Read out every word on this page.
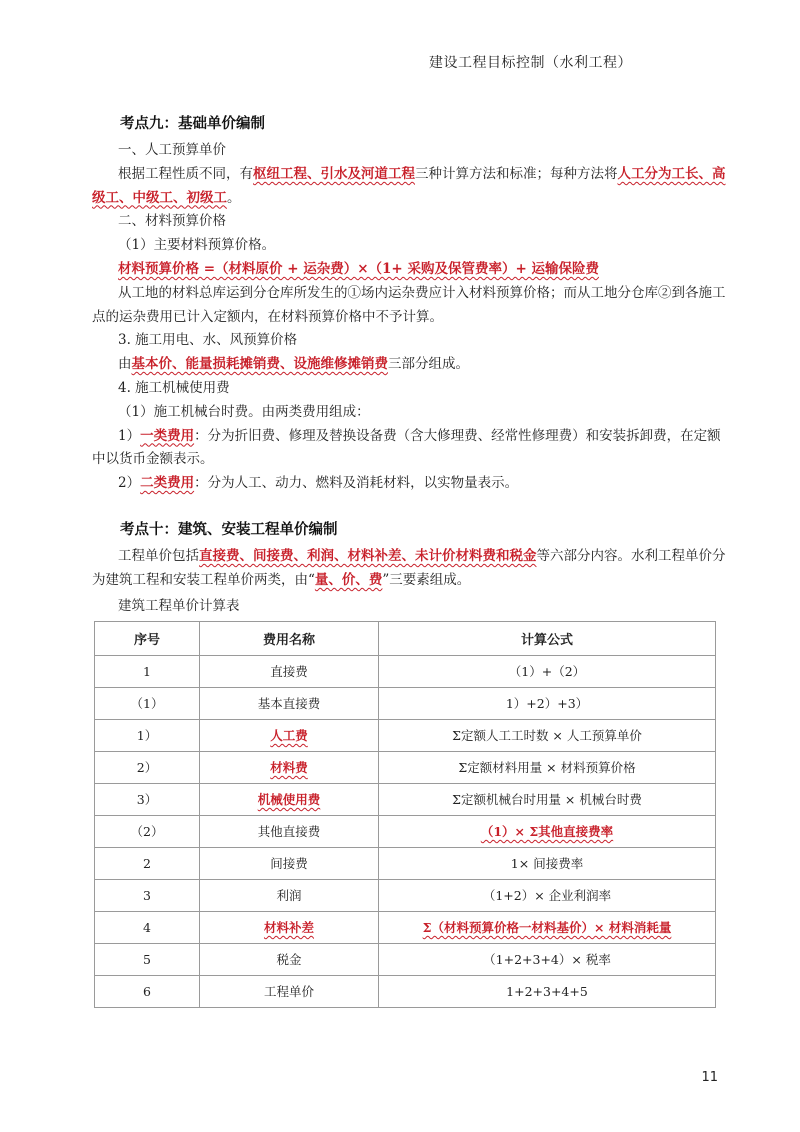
建设工程目标控制（水利工程）
考点九：基础单价编制

一、人工预算单价

根据工程性质不同，有枢纽工程、引水及河道工程三种计算方法和标准；每种方法将人工分为工长、高级工、中级工、初级工。

二、材料预算价格

（1）主要材料预算价格。

材料预算价格 =（材料原价 + 运杂费）×（1+ 采购及保管费率）+ 运输保险费

从工地的材料总库运到分仓库所发生的①场内运杂费应计入材料预算价格；而从工地分仓库②到各施工点的运杂费用已计入定额内，在材料预算价格中不予计算。

3. 施工用电、水、风预算价格

由基本价、能量损耗摊销费、设施维修摊销费三部分组成。

4. 施工机械使用费

（1）施工机械台时费。由两类费用组成：

1）一类费用：分为折旧费、修理及替换设备费（含大修理费、经常性修理费）和安装拆卸费，在定额中以货币金额表示。

2）二类费用：分为人工、动力、燃料及消耗材料，以实物量表示。

考点十：建筑、安装工程单价编制

工程单价包括直接费、间接费、利润、材料补差、未计价材料费和税金等六部分内容。水利工程单价分为建筑工程和安装工程单价两类，由“量、价、费”三要素组成。

建筑工程单价计算表
序号	费用名称	计算公式
1	直接费	（1）+（2）
（1）	基本直接费	1）+2）+3）
1）	人工费	Σ定额人工工时数 × 人工预算单价
2）	材料费	Σ定额材料用量 × 材料预算价格
3）	机械使用费	Σ定额机械台时用量 × 机械台时费
（2）	其他直接费	（1）× Σ其他直接费率
2	间接费	1× 间接费率
3	利润	（1+2）× 企业利润率
4	材料补差	Σ（材料预算价格一材料基价）× 材料消耗量
5	税金	（1+2+3+4）× 税率
6	工程单价	1+2+3+4+5
11
